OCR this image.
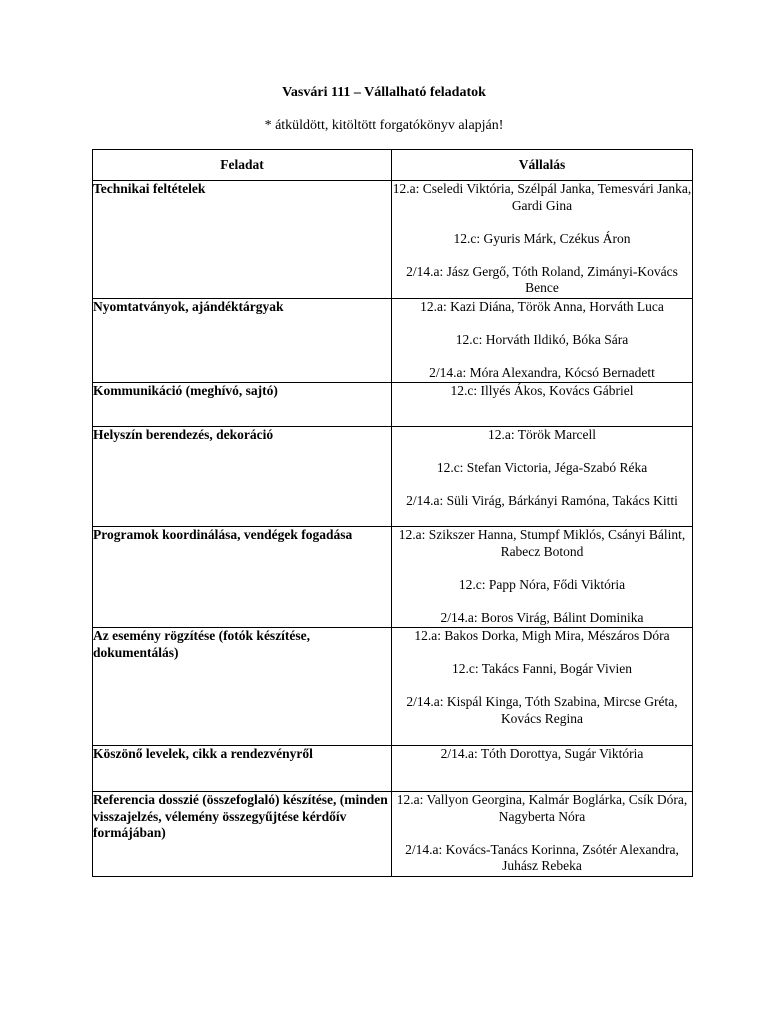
Vasvári 111 – Vállalható feladatok
* átküldött, kitöltött forgatókönyv alapján!
Feladat	Vállalás
Technikai feltételek	12.a: Cseledi Viktória, Szélpál Janka, Temesvári Janka, Gardi Gina
12.c: Gyuris Márk, Czékus Áron
2/14.a: Jász Gergő, Tóth Roland, Zimányi-Kovács Bence

Nyomtatványok, ajándéktárgyak	12.a: Kazi Diána, Török Anna, Horváth Luca
12.c: Horváth Ildikó, Bóka Sára
2/14.a: Móra Alexandra, Kócsó Bernadett

Kommunikáció (meghívó, sajtó)	12.c: Illyés Ákos, Kovács Gábriel

Helyszín berendezés, dekoráció	12.a: Török Marcell
12.c: Stefan Victoria, Jéga-Szabó Réka
2/14.a: Süli Virág, Bárkányi Ramóna, Takács Kitti

Programok koordinálása, vendégek fogadása	12.a: Szikszer Hanna, Stumpf Miklós, Csányi Bálint, Rabecz Botond
12.c: Papp Nóra, Fődi Viktória
2/14.a: Boros Virág, Bálint Dominika

Az esemény rögzítése (fotók készítése, dokumentálás)	12.a: Bakos Dorka, Migh Mira, Mészáros Dóra
12.c: Takács Fanni, Bogár Vivien
2/14.a: Kispál Kinga, Tóth Szabina, Mircse Gréta, Kovács Regina

Köszönő levelek, cikk a rendezvényről	2/14.a: Tóth Dorottya, Sugár Viktória

Referencia dosszié (összefoglaló) készítése, (minden visszajelzés, vélemény összegyűjtése kérdőív formájában)	12.a: Vallyon Georgina, Kalmár Boglárka, Csík Dóra, Nagyberta Nóra
2/14.a: Kovács-Tanács Korinna, Zsótér Alexandra, Juhász Rebeka
